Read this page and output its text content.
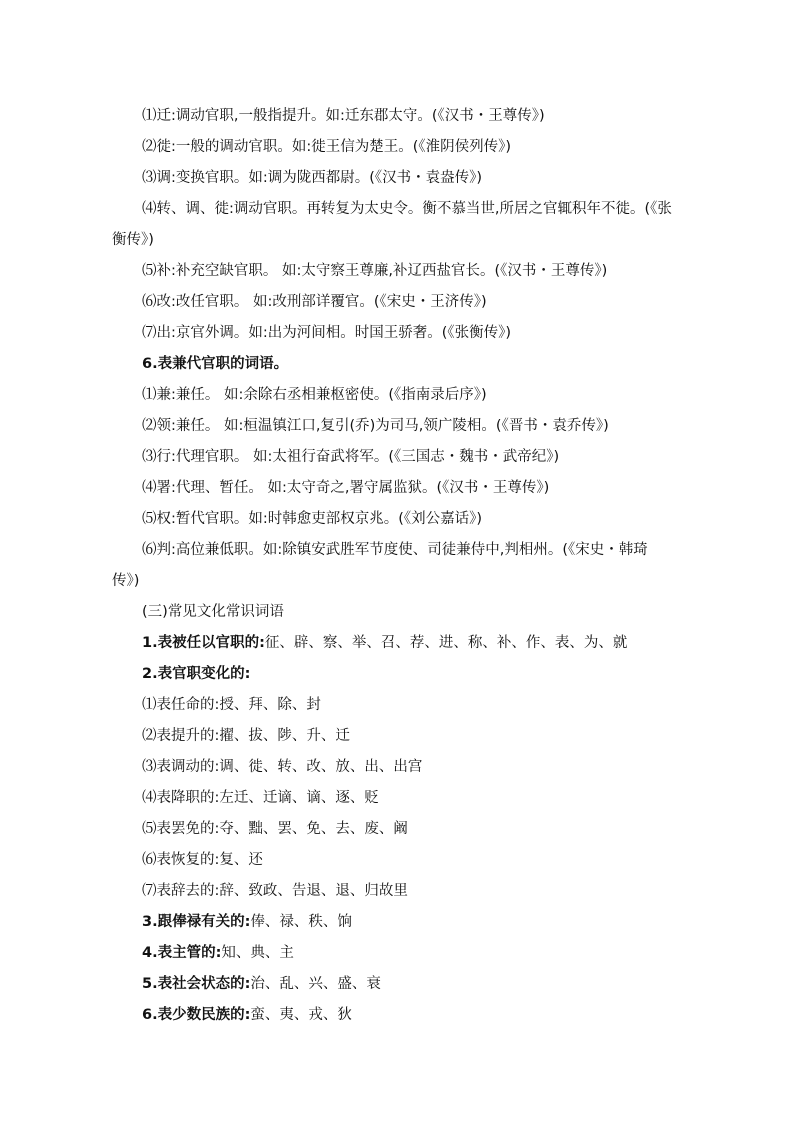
⑴迁:调动官职,一般指提升。如:迁东郡太守。(《汉书・王尊传》)
⑵徙:一般的调动官职。如:徙王信为楚王。(《淮阴侯列传》)
⑶调:变换官职。如:调为陇西都尉。(《汉书・袁盎传》)
⑷转、调、徙:调动官职。再转复为太史令。衡不慕当世,所居之官辄积年不徙。(《张
衡传》)
⑸补:补充空缺官职。 如:太守察王尊廉,补辽西盐官长。(《汉书・王尊传》)
⑹改:改任官职。 如:改刑部详覆官。(《宋史・王济传》)
⑺出:京官外调。如:出为河间相。时国王骄奢。(《张衡传》)
6.表兼代官职的词语。
⑴兼:兼任。 如:余除右丞相兼枢密使。(《指南录后序》)
⑵领:兼任。 如:桓温镇江口,复引(乔)为司马,领广陵相。(《晋书・袁乔传》)
⑶行:代理官职。 如:太祖行奋武将军。(《三国志・魏书・武帝纪》)
⑷署:代理、暂任。 如:太守奇之,署守属监狱。(《汉书・王尊传》)
⑸权:暂代官职。如:时韩愈吏部权京兆。(《刘公嘉话》)
⑹判:高位兼低职。如:除镇安武胜军节度使、司徒兼侍中,判相州。(《宋史・韩琦
传》)
(三)常见文化常识词语
1.表被任以官职的:征、辟、察、举、召、荐、进、称、补、作、表、为、就
2.表官职变化的:
⑴表任命的:授、拜、除、封
⑵表提升的:擢、拔、陟、升、迁
⑶表调动的:调、徙、转、改、放、出、出宫
⑷表降职的:左迁、迁谪、谪、逐、贬
⑸表罢免的:夺、黜、罢、免、去、废、阚
⑹表恢复的:复、还
⑺表辞去的:辞、致政、告退、退、归故里
3.跟俸禄有关的:俸、禄、秩、饷
4.表主管的:知、典、主
5.表社会状态的:治、乱、兴、盛、衰
6.表少数民族的:蛮、夷、戎、狄
